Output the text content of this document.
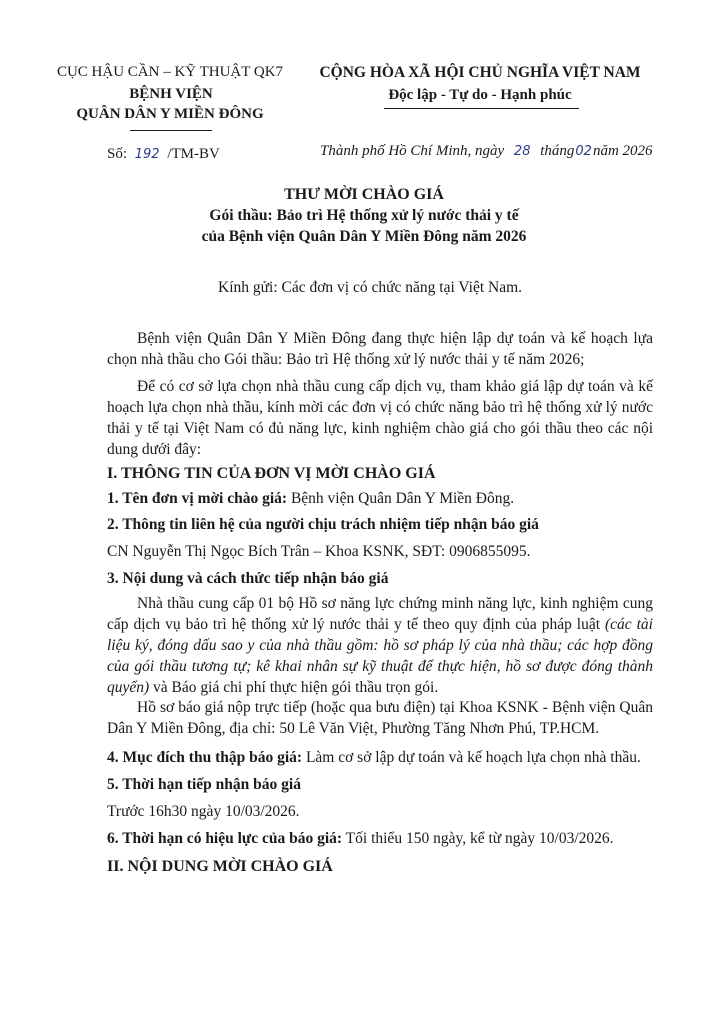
CỤC HẬU CẦN – KỸ THUẬT QK7
BỆNH VIỆN
QUÂN DÂN Y MIỀN ĐÔNG
CỘNG HÒA XÃ HỘI CHỦ NGHĨA VIỆT NAM
Độc lập - Tự do - Hạnh phúc
Số: 192 /TM-BV	Thành phố Hồ Chí Minh, ngày 28 tháng02năm 2026
THƯ MỜI CHÀO GIÁ
Gói thầu: Bảo trì Hệ thống xử lý nước thải y tế
của Bệnh viện Quân Dân Y Miền Đông năm 2026
Kính gửi: Các đơn vị có chức năng tại Việt Nam.
Bệnh viện Quân Dân Y Miền Đông đang thực hiện lập dự toán và kế hoạch lựa chọn nhà thầu cho Gói thầu: Bảo trì Hệ thống xử lý nước thải y tế năm 2026;
Để có cơ sở lựa chọn nhà thầu cung cấp dịch vụ, tham khảo giá lập dự toán và kế hoạch lựa chọn nhà thầu, kính mời các đơn vị có chức năng bảo trì hệ thống xử lý nước thải y tế tại Việt Nam có đủ năng lực, kinh nghiệm chào giá cho gói thầu theo các nội dung dưới đây:
I. THÔNG TIN CỦA ĐƠN VỊ MỜI CHÀO GIÁ
1. Tên đơn vị mời chào giá: Bệnh viện Quân Dân Y Miền Đông.
2. Thông tin liên hệ của người chịu trách nhiệm tiếp nhận báo giá
CN Nguyễn Thị Ngọc Bích Trân – Khoa KSNK, SĐT: 0906855095.
3. Nội dung và cách thức tiếp nhận báo giá
Nhà thầu cung cấp 01 bộ Hồ sơ năng lực chứng minh năng lực, kinh nghiệm cung cấp dịch vụ bảo trì hệ thống xử lý nước thải y tế theo quy định của pháp luật (các tài liệu ký, đóng dấu sao y của nhà thầu gồm: hồ sơ pháp lý của nhà thầu; các hợp đồng của gói thầu tương tự; kê khai nhân sự kỹ thuật để thực hiện, hồ sơ được đóng thành quyển) và Báo giá chi phí thực hiện gói thầu trọn gói.
Hồ sơ báo giá nộp trực tiếp (hoặc qua bưu điện) tại Khoa KSNK - Bệnh viện Quân Dân Y Miền Đông, địa chỉ: 50 Lê Văn Việt, Phường Tăng Nhơn Phú, TP.HCM.
4. Mục đích thu thập báo giá: Làm cơ sở lập dự toán và kế hoạch lựa chọn nhà thầu.
5. Thời hạn tiếp nhận báo giá
Trước 16h30 ngày 10/03/2026.
6. Thời hạn có hiệu lực của báo giá: Tối thiểu 150 ngày, kể từ ngày 10/03/2026.
II. NỘI DUNG MỜI CHÀO GIÁ
